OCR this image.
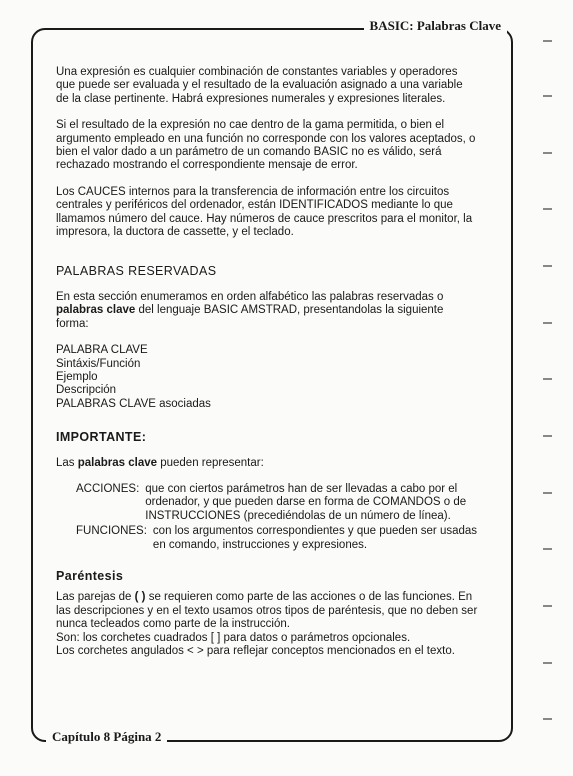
BASIC: Palabras Clave
Capítulo 8 Página 2

Una expresión es cualquier combinación de constantes variables y operadores que puede ser evaluada y el resultado de la evaluación asignado a una variable de la clase pertinente. Habrá expresiones numerales y expresiones literales.

Si el resultado de la expresión no cae dentro de la gama permitida, o bien el argumento empleado en una función no corresponde con los valores aceptados, o bien el valor dado a un parámetro de un comando BASIC no es válido, será rechazado mostrando el correspondiente mensaje de error.

Los CAUCES internos para la transferencia de información entre los circuitos centrales y periféricos del ordenador, están IDENTIFICADOS mediante lo que llamamos número del cauce. Hay números de cauce prescritos para el monitor, la impresora, la ductora de cassette, y el teclado.

PALABRAS RESERVADAS

En esta sección enumeramos en orden alfabético las palabras reservadas o palabras clave del lenguaje BASIC AMSTRAD, presentandolas la siguiente forma:

PALABRA CLAVE
Sintáxis/Función
Ejemplo
Descripción
PALABRAS CLAVE asociadas
IMPORTANTE:

Las palabras clave pueden representar:

ACCIONES: que con ciertos parámetros han de ser llevadas a cabo por el ordenador, y que pueden darse en forma de COMANDOS o de INSTRUCCIONES (precediéndolas de un número de línea).
FUNCIONES: con los argumentos correspondientes y que pueden ser usadas en comando, instrucciones y expresiones.
Paréntesis

Las parejas de ( ) se requieren como parte de las acciones o de las funciones. En las descripciones y en el texto usamos otros tipos de paréntesis, que no deben ser nunca tecleados como parte de la instrucción.

Son: los corchetes cuadrados [ ] para datos o parámetros opcionales.
Los corchetes angulados < > para reflejar conceptos mencionados en el texto.
